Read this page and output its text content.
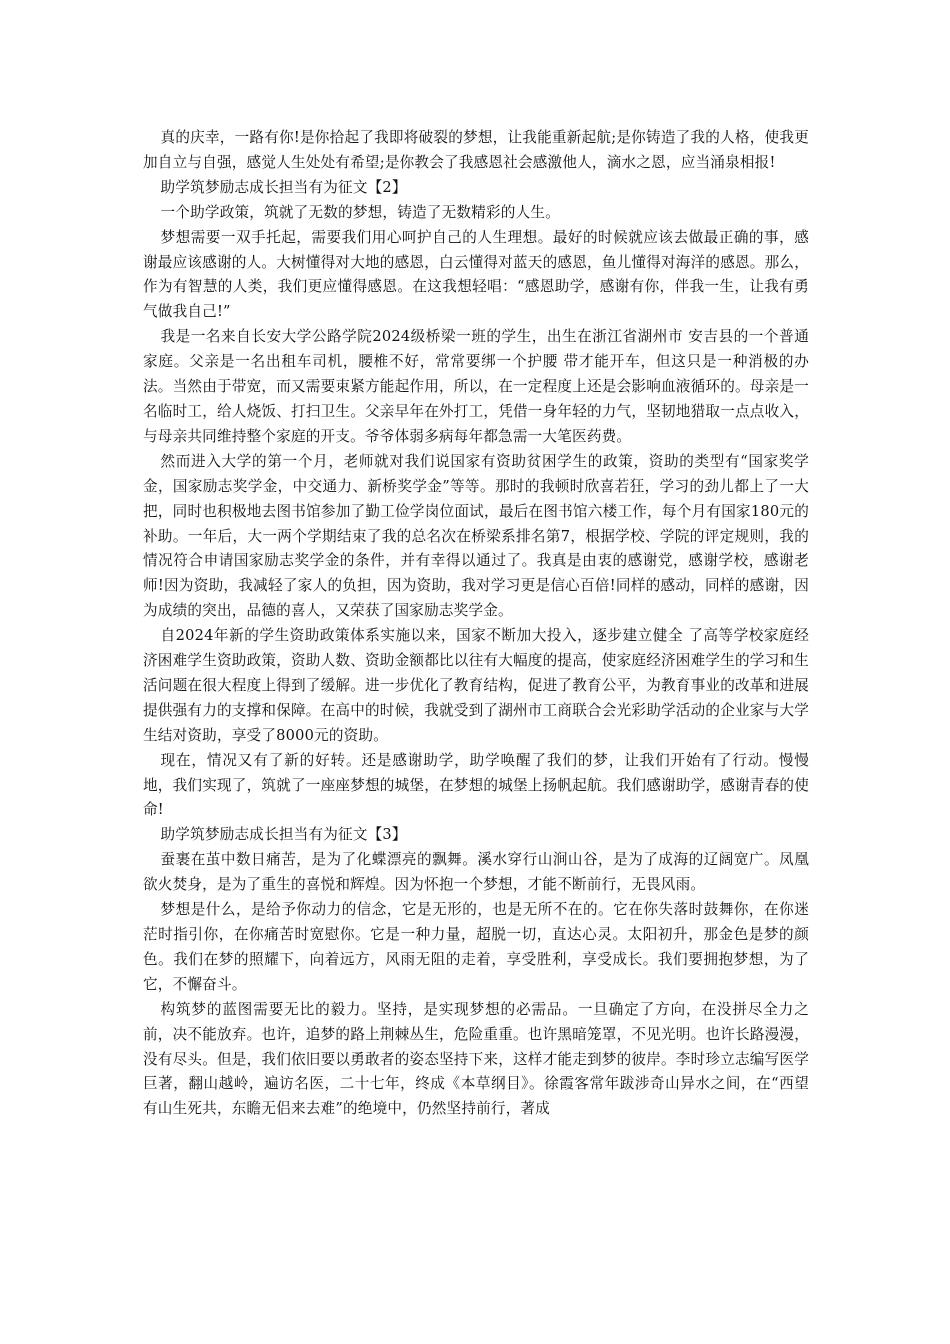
真的庆幸，一路有你!是你拾起了我即将破裂的梦想，让我能重新起航;是你铸造了我的人格，使我更加自立与自强，感觉人生处处有希望;是你教会了我感恩社会感激他人，滴水之恩，应当涌泉相报!

助学筑梦励志成长担当有为征文【2】

一个助学政策，筑就了无数的梦想，铸造了无数精彩的人生。

梦想需要一双手托起，需要我们用心呵护自己的人生理想。最好的时候就应该去做最正确的事，感谢最应该感谢的人。大树懂得对大地的感恩，白云懂得对蓝天的感恩，鱼儿懂得对海洋的感恩。那么，作为有智慧的人类，我们更应懂得感恩。在这我想轻唱：“感恩助学，感谢有你，伴我一生，让我有勇气做我自己!”

我是一名来自长安大学公路学院2024级桥梁一班的学生，出生在浙江省湖州市 安吉县的一个普通家庭。父亲是一名出租车司机，腰椎不好，常常要绑一个护腰 带才能开车，但这只是一种消极的办法。当然由于带宽，而又需要束紧方能起作用，所以，在一定程度上还是会影响血液循环的。母亲是一名临时工，给人烧饭、打扫卫生。父亲早年在外打工，凭借一身年轻的力气，坚韧地猎取一点点收入，与母亲共同维持整个家庭的开支。爷爷体弱多病每年都急需一大笔医药费。

然而进入大学的第一个月，老师就对我们说国家有资助贫困学生的政策，资助的类型有“国家奖学金，国家励志奖学金，中交通力、新桥奖学金”等等。那时的我顿时欣喜若狂，学习的劲儿都上了一大把，同时也积极地去图书馆参加了勤工俭学岗位面试，最后在图书馆六楼工作，每个月有国家180元的补助。一年后，大一两个学期结束了我的总名次在桥梁系排名第7，根据学校、学院的评定规则，我的情况符合申请国家励志奖学金的条件，并有幸得以通过了。我真是由衷的感谢党，感谢学校，感谢老师!因为资助，我减轻了家人的负担，因为资助，我对学习更是信心百倍!同样的感动，同样的感谢，因为成绩的突出，品德的喜人，又荣获了国家励志奖学金。

自2024年新的学生资助政策体系实施以来，国家不断加大投入，逐步建立健全 了高等学校家庭经济困难学生资助政策，资助人数、资助金额都比以往有大幅度的提高，使家庭经济困难学生的学习和生活问题在很大程度上得到了缓解。进一步优化了教育结构，促进了教育公平，为教育事业的改革和进展提供强有力的支撑和保障。在高中的时候，我就受到了湖州市工商联合会光彩助学活动的企业家与大学生结对资助，享受了8000元的资助。

现在，情况又有了新的好转。还是感谢助学，助学唤醒了我们的梦，让我们开始有了行动。慢慢地，我们实现了，筑就了一座座梦想的城堡，在梦想的城堡上扬帆起航。我们感谢助学，感谢青春的使命!

助学筑梦励志成长担当有为征文【3】

蚕裹在茧中数日痛苦，是为了化蝶漂亮的飘舞。溪水穿行山涧山谷，是为了成海的辽阔宽广。凤凰欲火焚身，是为了重生的喜悦和辉煌。因为怀抱一个梦想，才能不断前行，无畏风雨。

梦想是什么，是给予你动力的信念，它是无形的，也是无所不在的。它在你失落时鼓舞你，在你迷茫时指引你，在你痛苦时宽慰你。它是一种力量，超脱一切，直达心灵。太阳初升，那金色是梦的颜色。我们在梦的照耀下，向着远方，风雨无阻的走着，享受胜利，享受成长。我们要拥抱梦想，为了它，不懈奋斗。

构筑梦的蓝图需要无比的毅力。坚持，是实现梦想的必需品。一旦确定了方向，在没拼尽全力之前，决不能放弃。也许，追梦的路上荆棘丛生，危险重重。也许黑暗笼罩，不见光明。也许长路漫漫，没有尽头。但是，我们依旧要以勇敢者的姿态坚持下来，这样才能走到梦的彼岸。李时珍立志编写医学巨著，翻山越岭，遍访名医，二十七年，终成《本草纲目》。徐霞客常年跋涉奇山异水之间，在“西望有山生死共，东瞻无侣来去难”的绝境中，仍然坚持前行，著成
